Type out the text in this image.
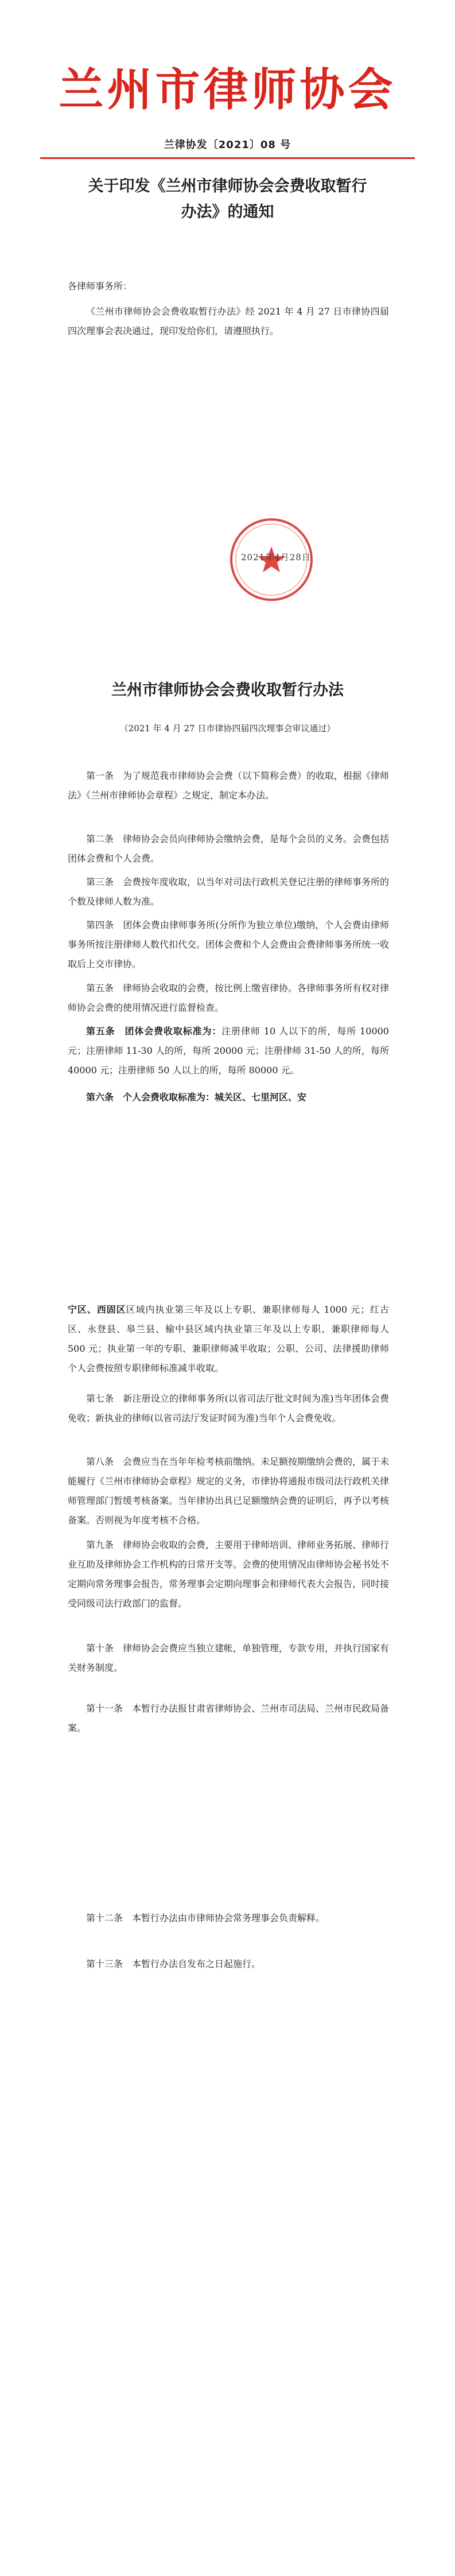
兰州市律师协会
兰律协发〔2021〕08 号
关于印发《兰州市律师协会会费收取暂行
办法》的通知
各律师事务所：
《兰州市律师协会会费收取暂行办法》经 2021 年 4 月 27 日市律协四届四次理事会表决通过，现印发给你们，请遵照执行。
2021年4月28日
兰州市律师协会会费收取暂行办法
（2021 年 4 月 27 日市律协四届四次理事会审议通过）
第一条　为了规范我市律师协会会费（以下简称会费）的收取，根据《律师法》《兰州市律师协会章程》之规定，制定本办法。
第二条　律师协会会员向律师协会缴纳会费，是每个会员的义务。会费包括团体会费和个人会费。
第三条　会费按年度收取，以当年对司法行政机关登记注册的律师事务所的个数及律师人数为准。
第四条　团体会费由律师事务所(分所作为独立单位)缴纳，个人会费由律师事务所按注册律师人数代扣代交。团体会费和个人会费由会费律师事务所统一收取后上交市律协。
第五条　律师协会收取的会费，按比例上缴省律协。各律师事务所有权对律师协会会费的使用情况进行监督检查。
第五条　团体会费收取标准为：注册律师 10 人以下的所，每所 10000 元；注册律师 11-30 人的所，每所 20000 元；注册律师 31-50 人的所，每所 40000 元；注册律师 50 人以上的所，每所 80000 元。
第六条　个人会费收取标准为：城关区、七里河区、安
宁区、西固区区域内执业第三年及以上专职、兼职律师每人 1000 元；红古区、永登县、皋兰县、榆中县区域内执业第三年及以上专职、兼职律师每人 500 元；执业第一年的专职、兼职律师减半收取；公职、公司、法律援助律师个人会费按照专职律师标准减半收取。
第七条　新注册设立的律师事务所(以省司法厅批文时间为准)当年团体会费免收；新执业的律师(以省司法厅发证时间为准)当年个人会费免收。
第八条　会费应当在当年年检考核前缴纳。未足额按期缴纳会费的，属于未能履行《兰州市律师协会章程》规定的义务，市律协将通报市级司法行政机关律师管理部门暂缓考核备案。当年律协出具已足额缴纳会费的证明后，再予以考核备案。否则视为年度考核不合格。
第九条　律师协会收取的会费，主要用于律师培训、律师业务拓展、律师行业互助及律师协会工作机构的日常开支等。会费的使用情况由律师协会秘书处不定期向常务理事会报告，常务理事会定期向理事会和律师代表大会报告，同时接受同级司法行政部门的监督。
第十条　律师协会会费应当独立建帐，单独管理，专款专用，并执行国家有关财务制度。
第十一条　本暂行办法报甘肃省律师协会、兰州市司法局、兰州市民政局备案。
第十二条　本暂行办法由市律师协会常务理事会负责解释。
第十三条　本暂行办法自发布之日起施行。
